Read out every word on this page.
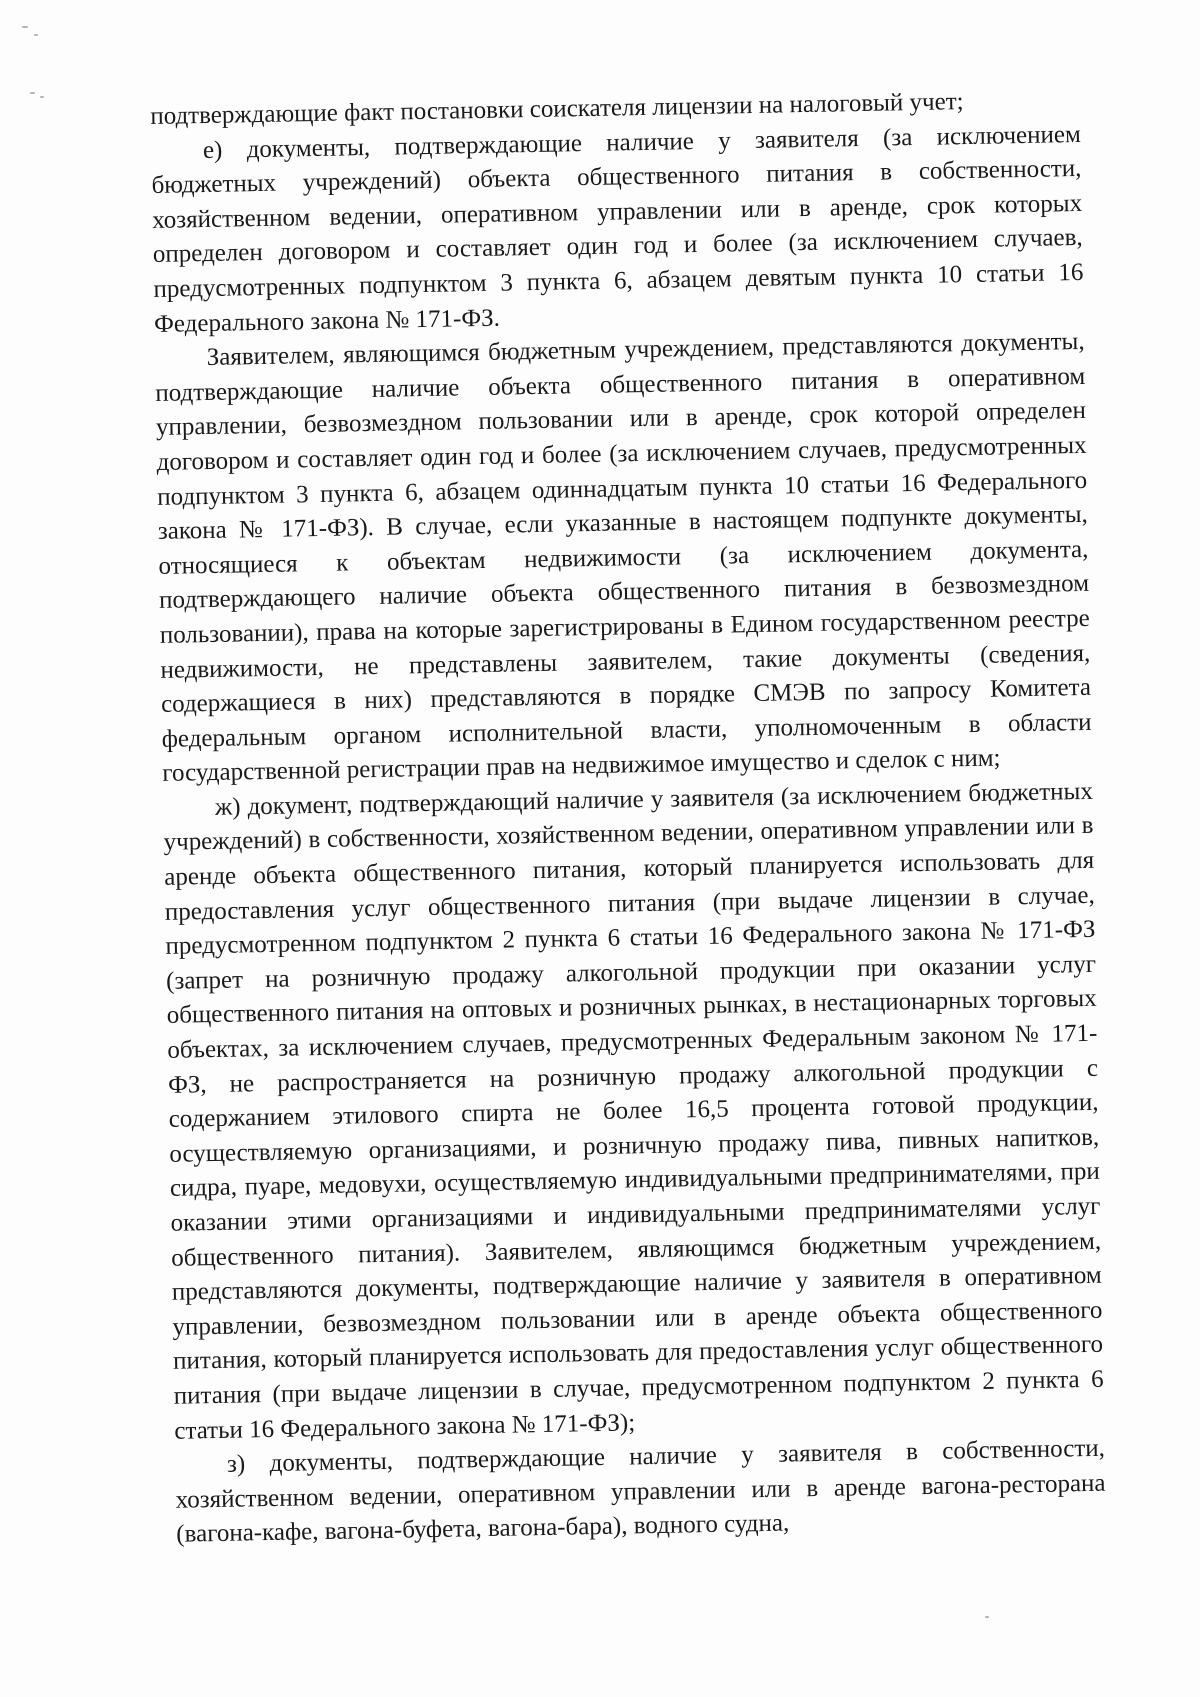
подтверждающие факт постановки соискателя лицензии на налоговый учет;

е) документы, подтверждающие наличие у заявителя (за исключением бюджетных учреждений) объекта общественного питания в собственности, хозяйственном ведении, оперативном управлении или в аренде, срок которых определен договором и составляет один год и более (за исключением случаев, предусмотренных подпунктом 3 пункта 6, абзацем девятым пункта 10 статьи 16 Федерального закона № 171-ФЗ.

Заявителем, являющимся бюджетным учреждением, представляются документы, подтверждающие наличие объекта общественного питания в оперативном управлении, безвозмездном пользовании или в аренде, срок которой определен договором и составляет один год и более (за исключением случаев, предусмотренных подпунктом 3 пункта 6, абзацем одиннадцатым пункта 10 статьи 16 Федерального закона № 171-ФЗ). В случае, если указанные в настоящем подпункте документы, относящиеся к объектам недвижимости (за исключением документа, подтверждающего наличие объекта общественного питания в безвозмездном пользовании), права на которые зарегистрированы в Едином государственном реестре недвижимости, не представлены заявителем, такие документы (сведения, содержащиеся в них) представляются в порядке СМЭВ по запросу Комитета федеральным органом исполнительной власти, уполномоченным в области государственной регистрации прав на недвижимое имущество и сделок с ним;

ж) документ, подтверждающий наличие у заявителя (за исключением бюджетных учреждений) в собственности, хозяйственном ведении, оперативном управлении или в аренде объекта общественного питания, который планируется использовать для предоставления услуг общественного питания (при выдаче лицензии в случае, предусмотренном подпунктом 2 пункта 6 статьи 16 Федерального закона № 171-ФЗ (запрет на розничную продажу алкогольной продукции при оказании услуг общественного питания на оптовых и розничных рынках, в нестационарных торговых объектах, за исключением случаев, предусмотренных Федеральным законом № 171-ФЗ, не распространяется на розничную продажу алкогольной продукции с содержанием этилового спирта не более 16,5 процента готовой продукции, осуществляемую организациями, и розничную продажу пива, пивных напитков, сидра, пуаре, медовухи, осуществляемую индивидуальными предпринимателями, при оказании этими организациями и индивидуальными предпринимателями услуг общественного питания). Заявителем, являющимся бюджетным учреждением, представляются документы, подтверждающие наличие у заявителя в оперативном управлении, безвозмездном пользовании или в аренде объекта общественного питания, который планируется использовать для предоставления услуг общественного питания (при выдаче лицензии в случае, предусмотренном подпунктом 2 пункта 6 статьи 16 Федерального закона № 171-ФЗ);

з) документы, подтверждающие наличие у заявителя в собственности, хозяйственном ведении, оперативном управлении или в аренде вагона-ресторана (вагона-кафе, вагона-буфета, вагона-бара), водного судна,
